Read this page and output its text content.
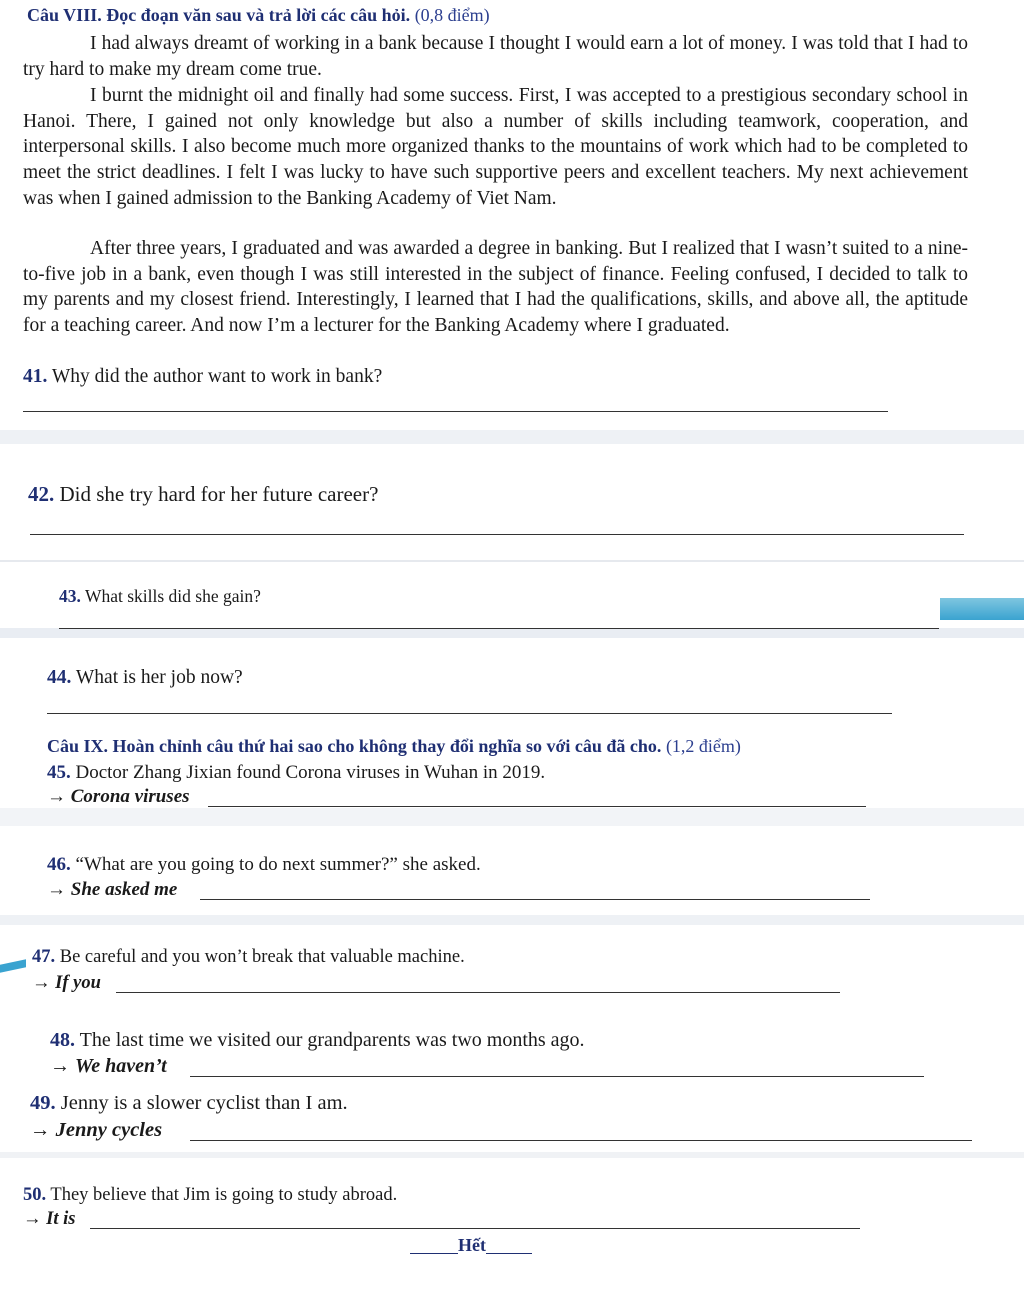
Câu VIII. Đọc đoạn văn sau và trả lời các câu hỏi. (0,8 điểm)

I had always dreamt of working in a bank because I thought I would earn a lot of money. I was told that I had to try hard to make my dream come true.

I burnt the midnight oil and finally had some success. First, I was accepted to a prestigious secondary school in Hanoi. There, I gained not only knowledge but also a number of skills including teamwork, cooperation, and interpersonal skills. I also become much more organized thanks to the mountains of work which had to be completed to meet the strict deadlines. I felt I was lucky to have such supportive peers and excellent teachers. My next achievement was when I gained admission to the Banking Academy of Viet Nam.

After three years, I graduated and was awarded a degree in banking. But I realized that I wasn’t suited to a nine-to-five job in a bank, even though I was still interested in the subject of finance. Feeling confused, I decided to talk to my parents and my closest friend. Interestingly, I learned that I had the qualifications, skills, and above all, the aptitude for a teaching career. And now I’m a lecturer for the Banking Academy where I graduated.

41. Why did the author want to work in bank?
42. Did she try hard for her future career?
43. What skills did she gain?
44. What is her job now?
Câu IX. Hoàn chỉnh câu thứ hai sao cho không thay đổi nghĩa so với câu đã cho. (1,2 điểm)
45. Doctor Zhang Jixian found Corona viruses in Wuhan in 2019.
→ Corona viruses
46. “What are you going to do next summer?” she asked.
→ She asked me
47. Be careful and you won’t break that valuable machine.
→ If you
48. The last time we visited our grandparents was two months ago.
→ We haven’t
49. Jenny is a slower cyclist than I am.
→ Jenny cycles
50. They believe that Jim is going to study abroad.
→ It is
Hết
